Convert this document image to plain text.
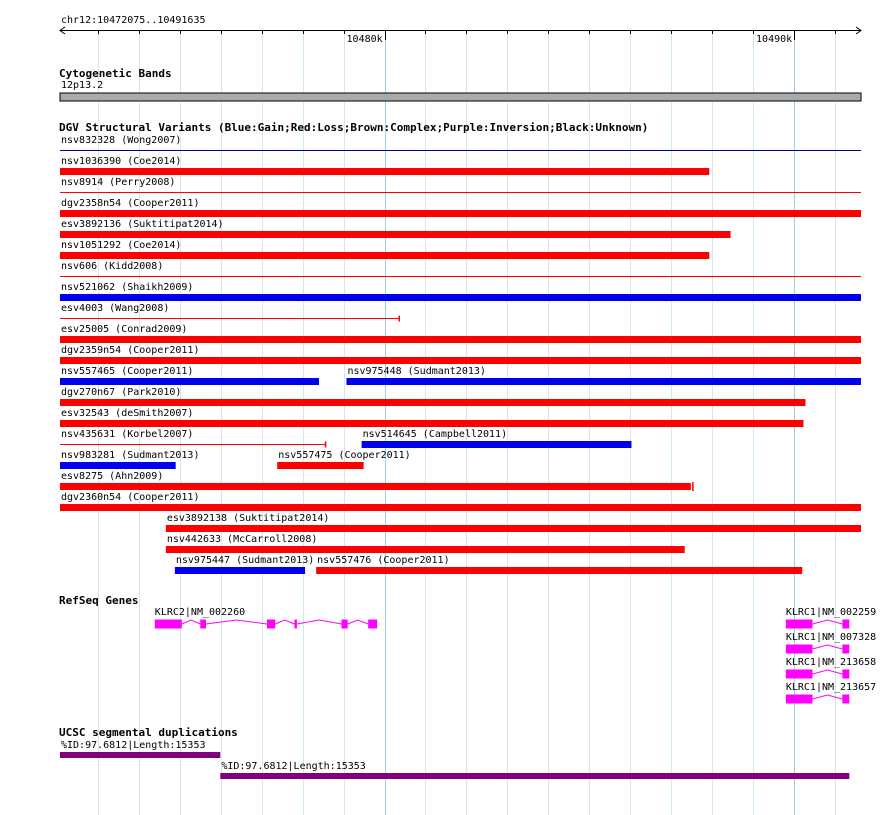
chr12:10472075..10491635
Cytogenetic Bands
12p13.2
DGV Structural Variants (Blue:Gain;Red:Loss;Brown:Complex;Purple:Inversion;Black:Unknown)
RefSeq Genes
UCSC segmental duplications
10480k	10490k
nsv832328 (Wong2007)
nsv1036390 (Coe2014)
nsv8914 (Perry2008)
dgv2358n54 (Cooper2011)
esv3892136 (Suktitipat2014)
nsv1051292 (Coe2014)
nsv606 (Kidd2008)
nsv521062 (Shaikh2009)
esv4003 (Wang2008)
esv25005 (Conrad2009)
dgv2359n54 (Cooper2011)
nsv557465 (Cooper2011)	nsv975448 (Sudmant2013)
dgv270n67 (Park2010)
esv32543 (deSmith2007)
nsv435631 (Korbel2007)	nsv514645 (Campbell2011)
nsv983281 (Sudmant2013)	nsv557475 (Cooper2011)
esv8275 (Ahn2009)
dgv2360n54 (Cooper2011)
esv3892138 (Suktitipat2014)
nsv442633 (McCarroll2008)
nsv975447 (Sudmant2013) nsv557476 (Cooper2011)
KLRC2|NM_002260	KLRC1|NM_002259
KLRC1|NM_007328
KLRC1|NM_213658
KLRC1|NM_213657
%ID:97.6812|Length:15353
%ID:97.6812|Length:15353
